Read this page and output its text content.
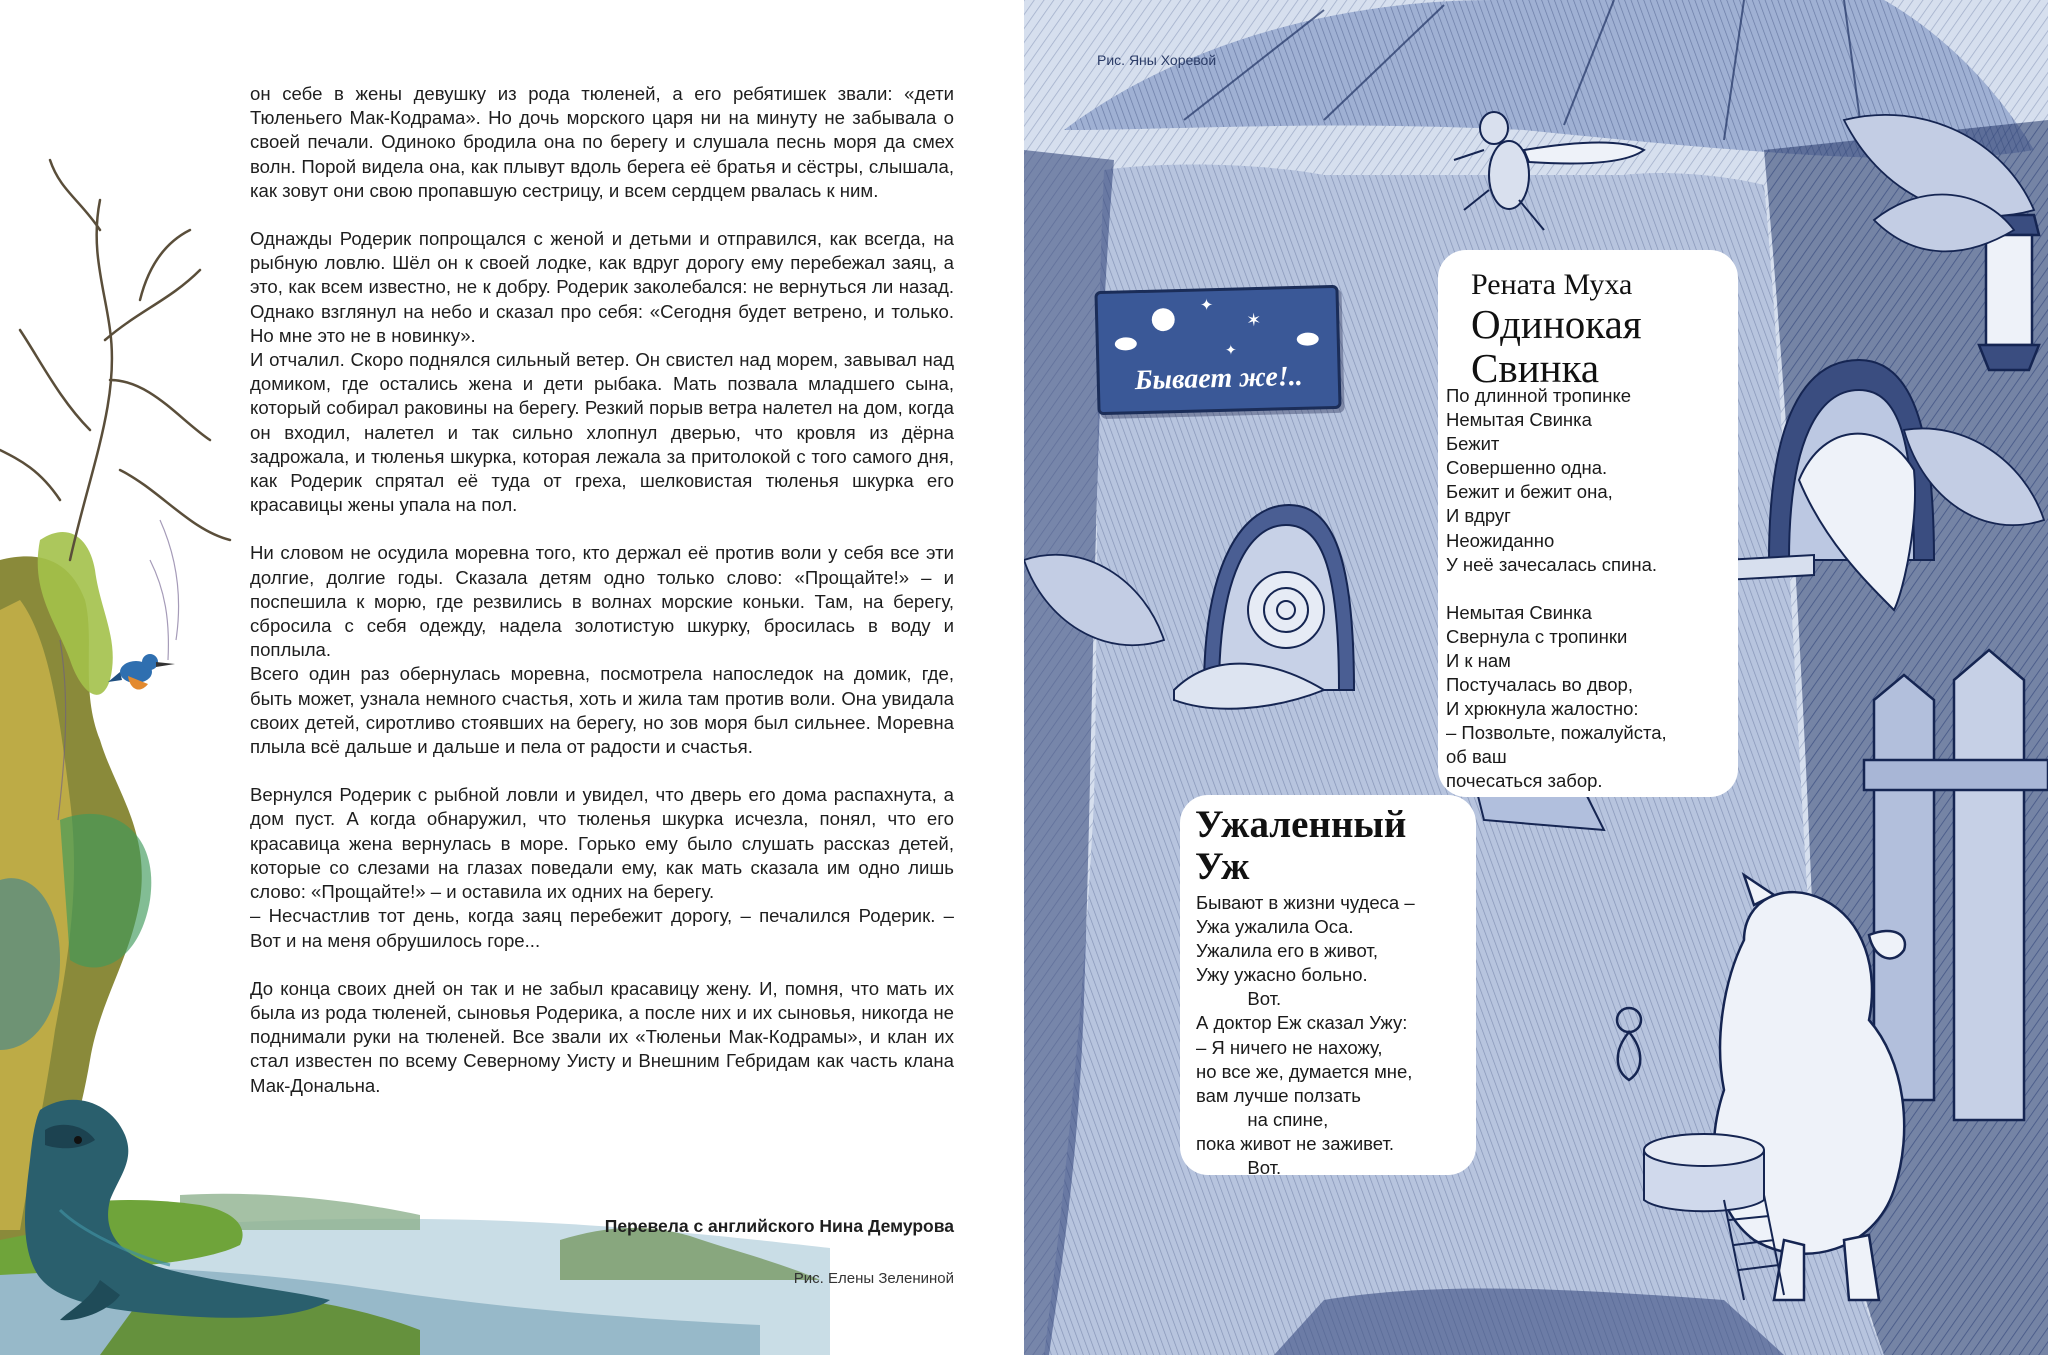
он себе в жены девушку из рода тюленей, а его ребятишек звали: «дети Тюленьего Мак-Кодрама». Но дочь морского царя ни на минуту не забывала о своей печали. Одиноко бродила она по берегу и слушала песнь моря да смех волн. Порой видела она, как плывут вдоль берега её братья и сёстры, слышала, как зовут они свою пропавшую сестрицу, и всем сердцем рвалась к ним.

Однажды Родерик попрощался с женой и детьми и отправился, как всегда, на рыбную ловлю. Шёл он к своей лодке, как вдруг дорогу ему перебежал заяц, а это, как всем известно, не к добру. Родерик заколебался: не вернуться ли назад. Однако взглянул на небо и сказал про себя: «Сегодня будет ветрено, и только. Но мне это не в новинку».

И отчалил. Скоро поднялся сильный ветер. Он свистел над морем, завывал над домиком, где остались жена и дети рыбака. Мать позвала младшего сына, который собирал раковины на берегу. Резкий порыв ветра налетел на дом, когда он входил, налетел и так сильно хлопнул дверью, что кровля из дёрна задрожала, и тюленья шкурка, которая лежала за притолокой с того самого дня, как Родерик спрятал её туда от греха, шелковистая тюленья шкурка его красавицы жены упала на пол.

Ни словом не осудила моревна того, кто держал её против воли у себя все эти долгие, долгие годы. Сказала детям одно только слово: «Прощайте!» – и поспешила к морю, где резвились в волнах морские коньки. Там, на берегу, сбросила с себя одежду, надела золотистую шкурку, бросилась в воду и поплыла.

Всего один раз обернулась моревна, посмотрела напоследок на домик, где, быть может, узнала немного счастья, хоть и жила там против воли. Она увидала своих детей, сиротливо стоявших на берегу, но зов моря был сильнее. Моревна плыла всё дальше и дальше и пела от радости и счастья.

Вернулся Родерик с рыбной ловли и увидел, что дверь его дома распахнута, а дом пуст. А когда обнаружил, что тюленья шкурка исчезла, понял, что его красавица жена вернулась в море. Горько ему было слушать рассказ детей, которые со слезами на глазах поведали ему, как мать сказала им одно лишь слово: «Прощайте!» – и оставила их одних на берегу.

– Несчастлив тот день, когда заяц перебежит дорогу, – печалился Родерик. – Вот и на меня обрушилось горе...

До конца своих дней он так и не забыл красавицу жену. И, помня, что мать их была из рода тюленей, сыновья Родерика, а после них и их сыновья, никогда не поднимали руки на тюленей. Все звали их «Тюленьи Мак-Кодрамы», и клан их стал известен по всему Северному Уисту и Внешним Гебридам как часть клана Мак-Дональна.

Перевела с английского Нина Демурова
Рис. Елены Зелениной
Рис. Яны Хоревой
● ✦
✶
✦
Бывает же!..
Рената Муха
Одинокая
Свинка

По длинной тропинке

Немытая Свинка

Бежит

Совершенно одна.

Бежит и бежит она,

И вдруг

Неожиданно

У неё зачесалась спина.

Немытая Свинка

Свернула с тропинки

И к нам

Постучалась во двор,

И хрюкнула жалостно:

– Позвольте, пожалуйста,

об ваш

почесаться забор.

Ужаленный
Уж

Бывают в жизни чудеса –

Ужа ужалила Оса.

Ужалила его в живот,

Ужу ужасно больно.

Вот.

А доктор Еж сказал Ужу:

– Я ничего не нахожу,

но все же, думается мне,

вам лучше ползать

на спине,

пока живот не заживет.

Вот.
